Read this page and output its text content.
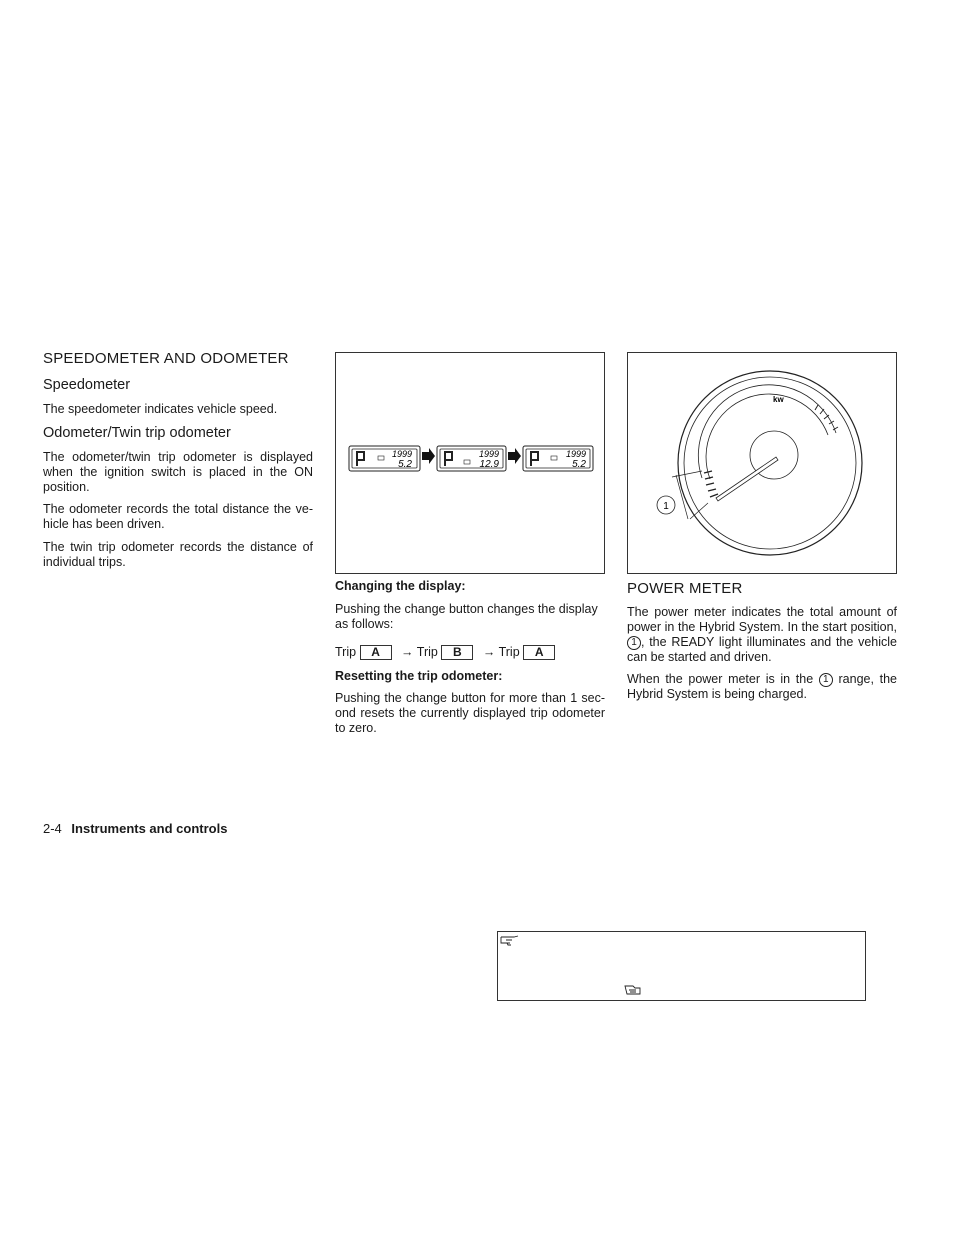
SPEEDOMETER AND ODOMETER
Speedometer
The speedometer indicates vehicle speed.
Odometer/Twin trip odometer
The odometer/twin trip odometer is displayed when the ignition switch is placed in the ON position.
The odometer records the total distance the ve- hicle has been driven.
The twin trip odometer records the distance of individual trips.
1999
5.2
1999
12.9
1999
5.2
Changing the display:
Pushing the change button changes the display as follows:
Trip A → Trip B → Trip A
Resetting the trip odometer:
Pushing the change button for more than 1 sec- ond resets the currently displayed trip odometer to zero.
kw
1
POWER METER
The power meter indicates the total amount of power in the Hybrid System. In the start position, 1 , the READY light illuminates and the vehicle can be started and driven.
When the power meter is in the 1 range, the Hybrid System is being charged.
2-4 Instruments and controls
